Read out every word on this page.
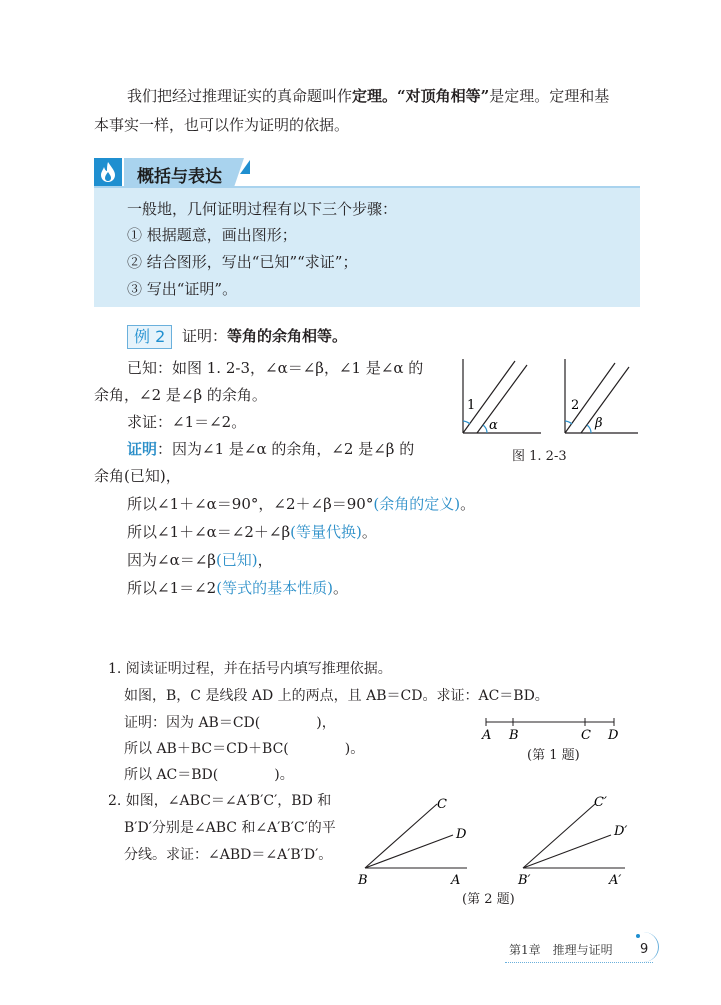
我们把经过推理证实的真命题叫作定理。“对顶角相等”是定理。定理和基
本事实一样，也可以作为证明的依据。
概括与表达
一般地，几何证明过程有以下三个步骤：
① 根据题意，画出图形；
② 结合图形，写出“已知”“求证”；
③ 写出“证明”。
例 2	证明：等角的余角相等。
已知：如图 1. 2-3，∠α＝∠β，∠1 是∠α 的
余角，∠2 是∠β 的余角。
求证：∠1＝∠2。
证明：因为∠1 是∠α 的余角，∠2 是∠β 的
余角(已知)，
所以∠1＋∠α＝90°，∠2＋∠β＝90°(余角的定义)。
所以∠1＋∠α＝∠2＋∠β(等量代换)。
因为∠α＝∠β(已知)，
所以∠1＝∠2(等式的基本性质)。
1
α
2
β
图 1. 2-3
1. 阅读证明过程，并在括号内填写推理依据。
如图，B，C 是线段 AD 上的两点，且 AB＝CD。求证：AC＝BD。
证明：因为 AB＝CD(　　　　)，
所以 AB＋BC＝CD＋BC(　　　　)。
所以 AC＝BD(　　　　)。
A B	C D
(第 1 题)
2. 如图，∠ABC＝∠A′B′C′，BD 和
B′D′分别是∠ABC 和∠A′B′C′的平
分线。求证：∠ABD＝∠A′B′D′。
B	A
C
D
B′	A′
C′
D′
(第 2 题)
第1章　推理与证明 9
